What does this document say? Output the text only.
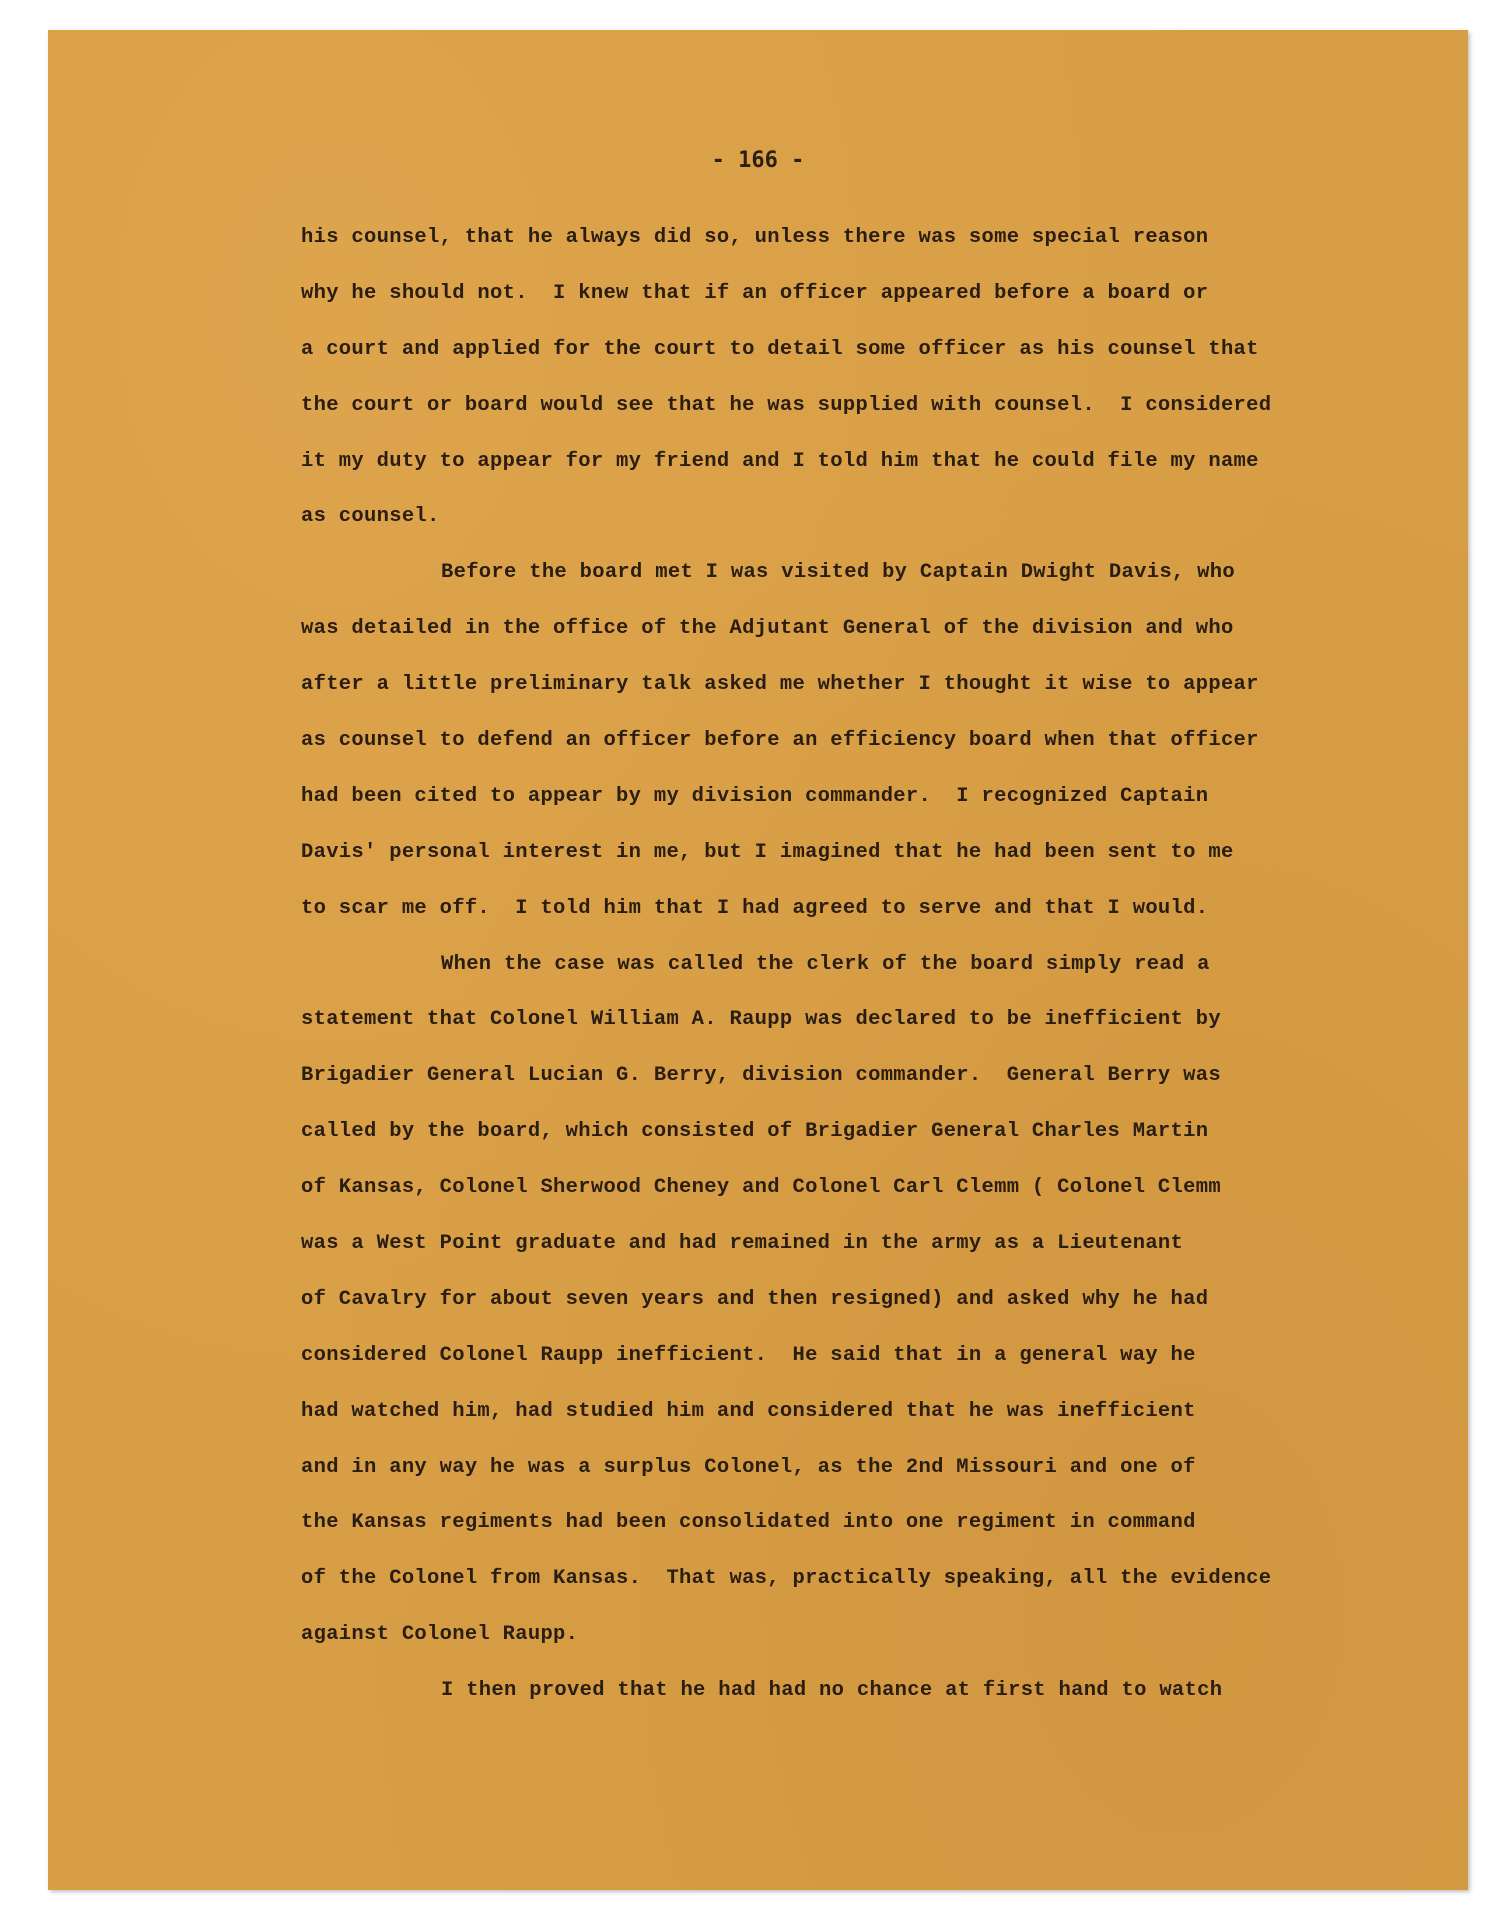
- 166 -

his counsel, that he always did so, unless there was some special reason

why he should not.  I knew that if an officer appeared before a board or

a court and applied for the court to detail some officer as his counsel that

the court or board would see that he was supplied with counsel.  I considered

it my duty to appear for my friend and I told him that he could file my name

as counsel.

Before the board met I was visited by Captain Dwight Davis, who

was detailed in the office of the Adjutant General of the division and who

after a little preliminary talk asked me whether I thought it wise to appear

as counsel to defend an officer before an efficiency board when that officer

had been cited to appear by my division commander.  I recognized Captain

Davis' personal interest in me, but I imagined that he had been sent to me

to scar me off.  I told him that I had agreed to serve and that I would.

When the case was called the clerk of the board simply read a

statement that Colonel William A. Raupp was declared to be inefficient by

Brigadier General Lucian G. Berry, division commander.  General Berry was

called by the board, which consisted of Brigadier General Charles Martin

of Kansas, Colonel Sherwood Cheney and Colonel Carl Clemm ( Colonel Clemm

was a West Point graduate and had remained in the army as a Lieutenant

of Cavalry for about seven years and then resigned) and asked why he had

considered Colonel Raupp inefficient.  He said that in a general way he

had watched him, had studied him and considered that he was inefficient

and in any way he was a surplus Colonel, as the 2nd Missouri and one of

the Kansas regiments had been consolidated into one regiment in command

of the Colonel from Kansas.  That was, practically speaking, all the evidence

against Colonel Raupp.

I then proved that he had had no chance at first hand to watch
